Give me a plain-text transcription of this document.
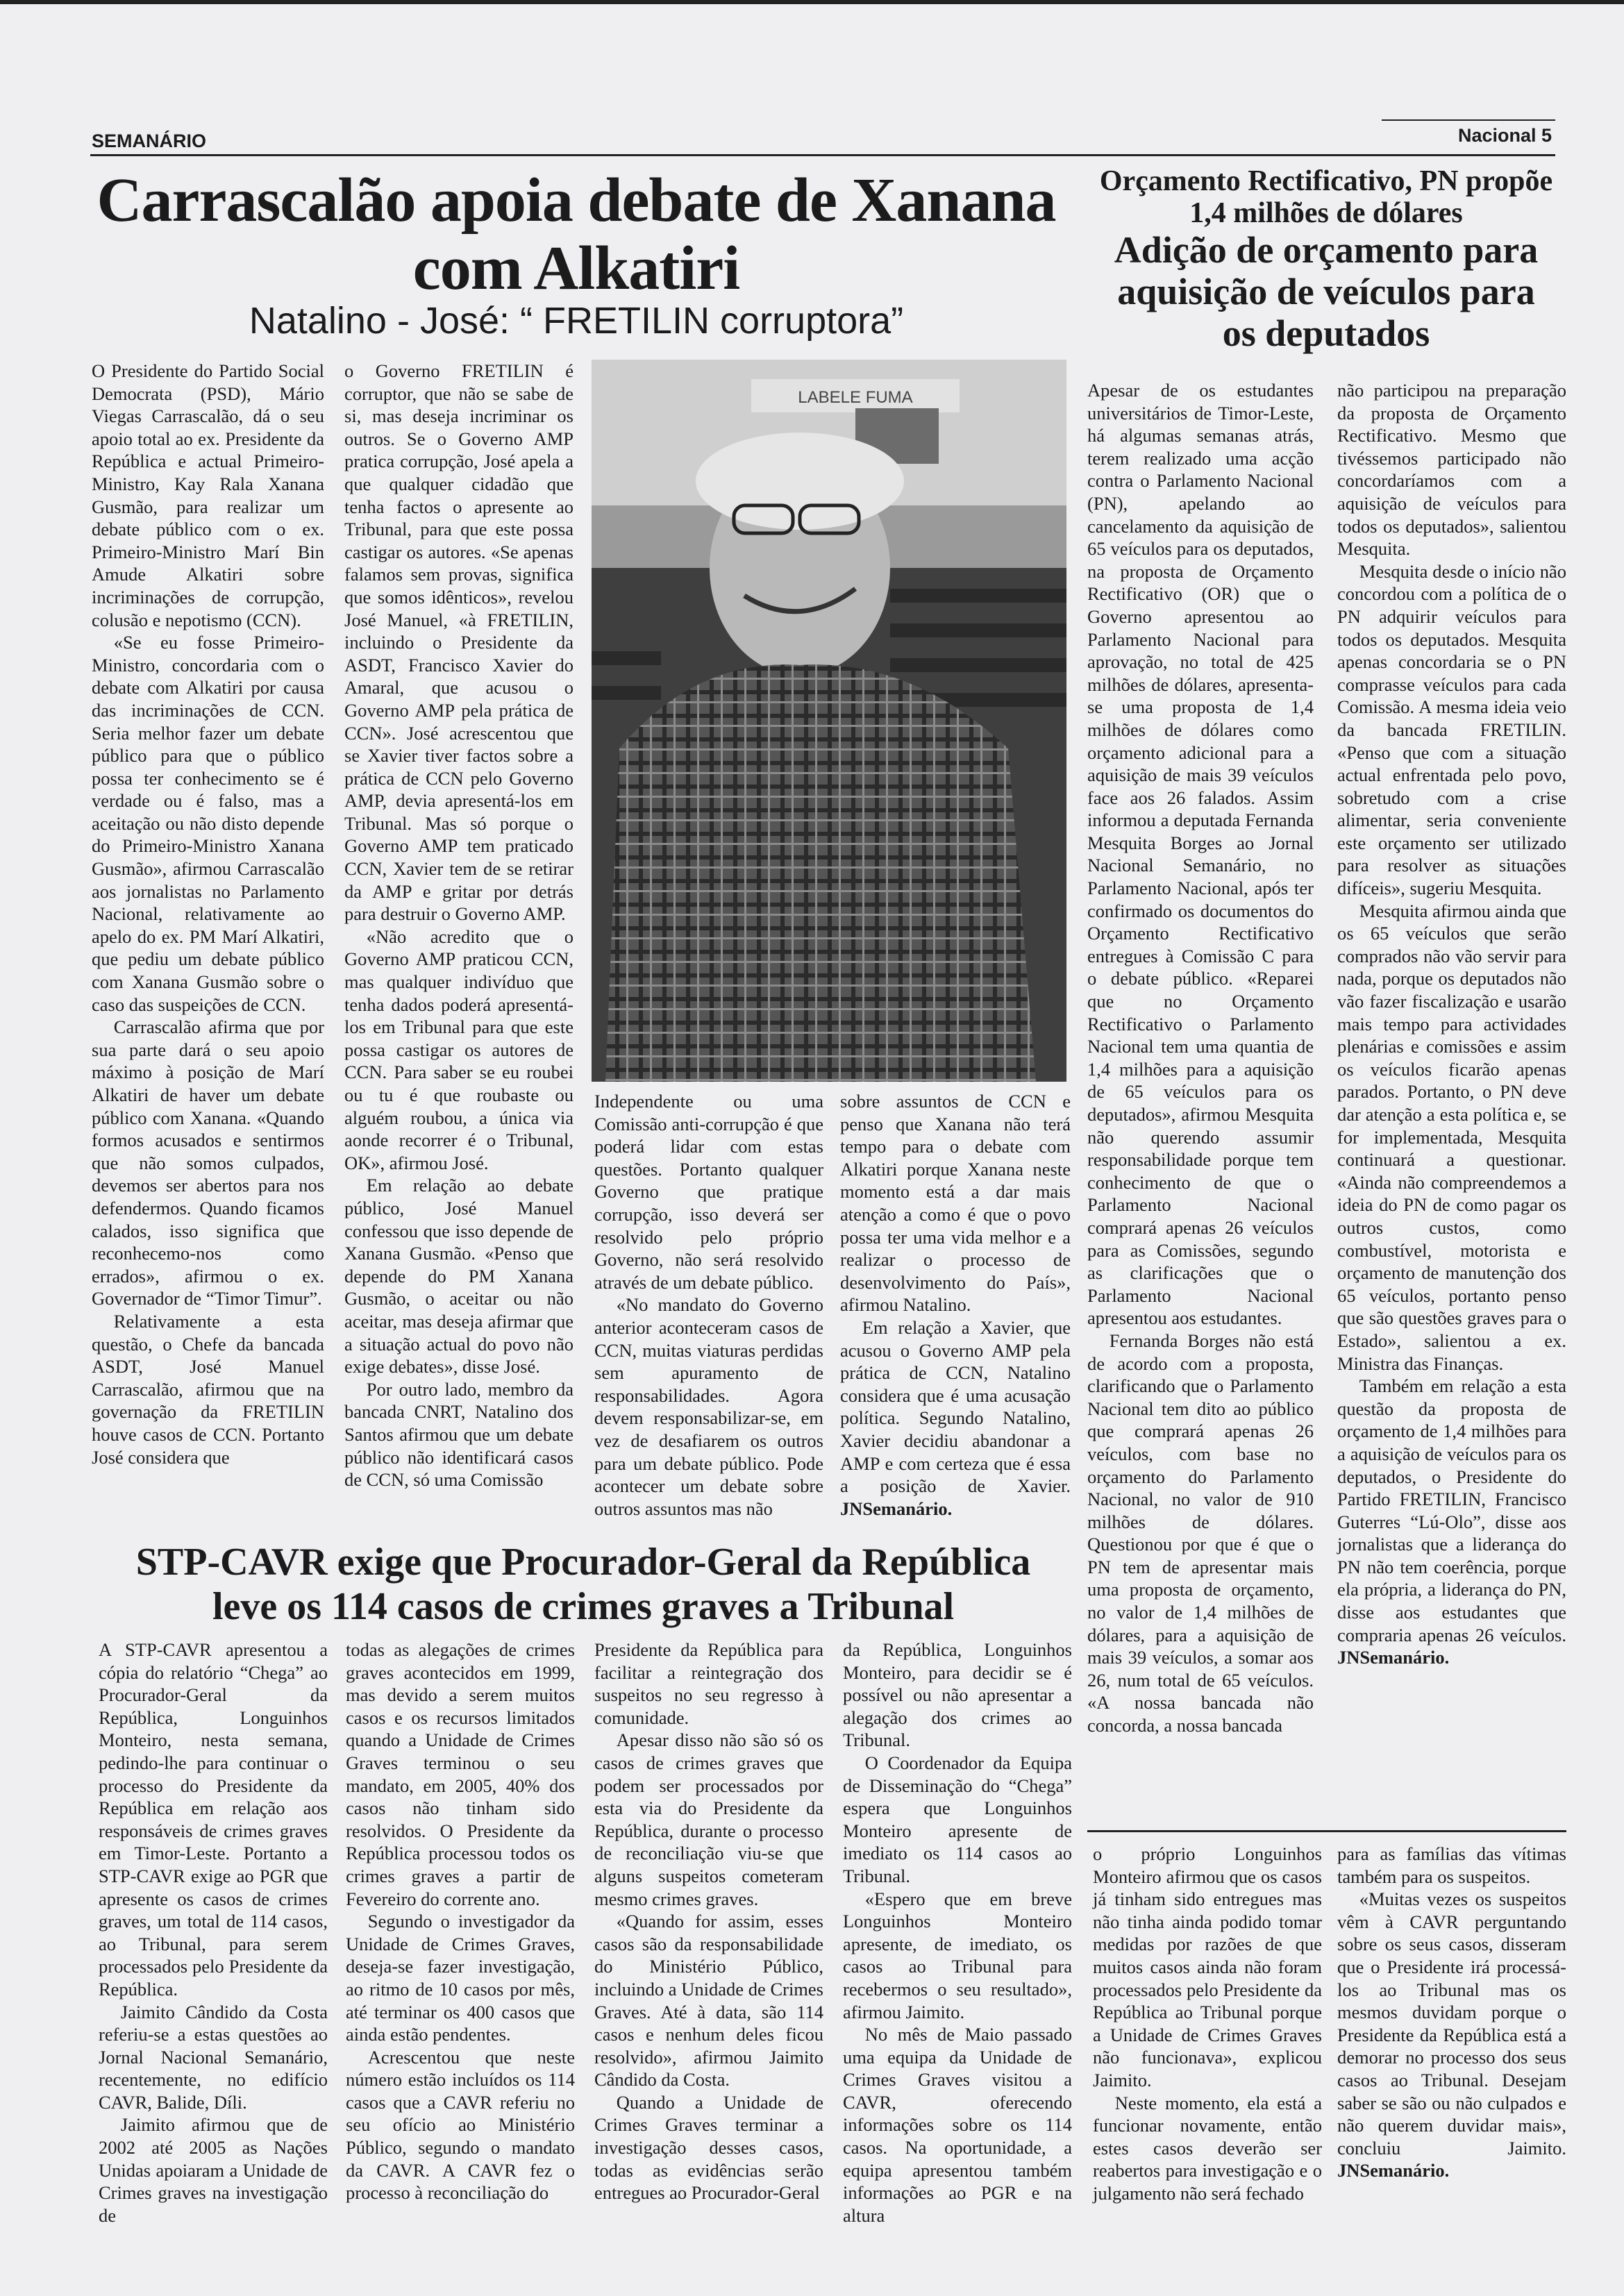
SEMANÁRIO	Nacional 5
Carrascalão apoia debate de Xanana com Alkatiri
Natalino - José: “ FRETILIN corruptora”

O Presidente do Partido Social Democrata (PSD), Mário Viegas Carrascalão, dá o seu apoio total ao ex. Presidente da República e actual Primeiro-Ministro, Kay Rala Xanana Gusmão, para realizar um debate público com o ex. Primeiro-Ministro Marí Bin Amude Alkatiri sobre incriminações de corrupção, colusão e nepotismo (CCN).

«Se eu fosse Primeiro-Ministro, concordaria com o debate com Alkatiri por causa das incriminações de CCN. Seria melhor fazer um debate público para que o público possa ter conhecimento se é verdade ou é falso, mas a aceitação ou não disto depende do Primeiro-Ministro Xanana Gusmão», afirmou Carrascalão aos jornalistas no Parlamento Nacional, relativamente ao apelo do ex. PM Marí Alkatiri, que pediu um debate público com Xanana Gusmão sobre o caso das suspeições de CCN.

Carrascalão afirma que por sua parte dará o seu apoio máximo à posição de Marí Alkatiri de haver um debate público com Xanana. «Quando formos acusados e sentirmos que não somos culpados, devemos ser abertos para nos defendermos. Quando ficamos calados, isso significa que reconhecemo-nos como errados», afirmou o ex. Governador de “Timor Timur”.

Relativamente a esta questão, o Chefe da bancada ASDT, José Manuel Carrascalão, afirmou que na governação da FRETILIN houve casos de CCN. Portanto José considera que

o Governo FRETILIN é corruptor, que não se sabe de si, mas deseja incriminar os outros. Se o Governo AMP pratica corrupção, José apela a que qualquer cidadão que tenha factos o apresente ao Tribunal, para que este possa castigar os autores. «Se apenas falamos sem provas, significa que somos idênticos», revelou José Manuel, «à FRETILIN, incluindo o Presidente da ASDT, Francisco Xavier do Amaral, que acusou o Governo AMP pela prática de CCN». José acrescentou que se Xavier tiver factos sobre a prática de CCN pelo Governo AMP, devia apresentá-los em Tribunal. Mas só porque o Governo AMP tem praticado CCN, Xavier tem de se retirar da AMP e gritar por detrás para destruir o Governo AMP.

«Não acredito que o Governo AMP praticou CCN, mas qualquer indivíduo que tenha dados poderá apresentá-los em Tribunal para que este possa castigar os autores de CCN. Para saber se eu roubei ou tu é que roubaste ou alguém roubou, a única via aonde recorrer é o Tribunal, OK», afirmou José.

Em relação ao debate público, José Manuel confessou que isso depende de Xanana Gusmão. «Penso que depende do PM Xanana Gusmão, o aceitar ou não aceitar, mas deseja afirmar que a situação actual do povo não exige debates», disse José.

Por outro lado, membro da bancada CNRT, Natalino dos Santos afirmou que um debate público não identificará casos de CCN, só uma Comissão

LABELE FUMA

Independente ou uma Comissão anti-corrupção é que poderá lidar com estas questões. Portanto qualquer Governo que pratique corrupção, isso deverá ser resolvido pelo próprio Governo, não será resolvido através de um debate público.

«No mandato do Governo anterior aconteceram casos de CCN, muitas viaturas perdidas sem apuramento de responsabilidades. Agora devem responsabilizar-se, em vez de desafiarem os outros para um debate público. Pode acontecer um debate sobre outros assuntos mas não

sobre assuntos de CCN e penso que Xanana não terá tempo para o debate com Alkatiri porque Xanana neste momento está a dar mais atenção a como é que o povo possa ter uma vida melhor e a realizar o processo de desenvolvimento do País», afirmou Natalino.

Em relação a Xavier, que acusou o Governo AMP pela prática de CCN, Natalino considera que é uma acusação política. Segundo Natalino, Xavier decidiu abandonar a AMP e com certeza que é essa a posição de Xavier. JNSemanário.

Orçamento Rectificativo, PN propõe 1,4 milhões de dólares
Adição de orçamento para aquisição de veículos para os deputados

Apesar de os estudantes universitários de Timor-Leste, há algumas semanas atrás, terem realizado uma acção contra o Parlamento Nacional (PN), apelando ao cancelamento da aquisição de 65 veículos para os deputados, na proposta de Orçamento Rectificativo (OR) que o Governo apresentou ao Parlamento Nacional para aprovação, no total de 425 milhões de dólares, apresenta-se uma proposta de 1,4 milhões de dólares como orçamento adicional para a aquisição de mais 39 veículos face aos 26 falados. Assim informou a deputada Fernanda Mesquita Borges ao Jornal Nacional Semanário, no Parlamento Nacional, após ter confirmado os documentos do Orçamento Rectificativo entregues à Comissão C para o debate público. «Reparei que no Orçamento Rectificativo o Parlamento Nacional tem uma quantia de 1,4 milhões para a aquisição de 65 veículos para os deputados», afirmou Mesquita não querendo assumir responsabilidade porque tem conhecimento de que o Parlamento Nacional comprará apenas 26 veículos para as Comissões, segundo as clarificações que o Parlamento Nacional apresentou aos estudantes.

Fernanda Borges não está de acordo com a proposta, clarificando que o Parlamento Nacional tem dito ao público que comprará apenas 26 veículos, com base no orçamento do Parlamento Nacional, no valor de 910 milhões de dólares. Questionou por que é que o PN tem de apresentar mais uma proposta de orçamento, no valor de 1,4 milhões de dólares, para a aquisição de mais 39 veículos, a somar aos 26, num total de 65 veículos. «A nossa bancada não concorda, a nossa bancada

não participou na preparação da proposta de Orçamento Rectificativo. Mesmo que tivéssemos participado não concordaríamos com a aquisição de veículos para todos os deputados», salientou Mesquita.

Mesquita desde o início não concordou com a política de o PN adquirir veículos para todos os deputados. Mesquita apenas concordaria se o PN comprasse veículos para cada Comissão. A mesma ideia veio da bancada FRETILIN. «Penso que com a situação actual enfrentada pelo povo, sobretudo com a crise alimentar, seria conveniente este orçamento ser utilizado para resolver as situações difíceis», sugeriu Mesquita.

Mesquita afirmou ainda que os 65 veículos que serão comprados não vão servir para nada, porque os deputados não vão fazer fiscalização e usarão mais tempo para actividades plenárias e comissões e assim os veículos ficarão apenas parados. Portanto, o PN deve dar atenção a esta política e, se for implementada, Mesquita continuará a questionar. «Ainda não compreendemos a ideia do PN de como pagar os outros custos, como combustível, motorista e orçamento de manutenção dos 65 veículos, portanto penso que são questões graves para o Estado», salientou a ex. Ministra das Finanças.

Também em relação a esta questão da proposta de orçamento de 1,4 milhões para a aquisição de veículos para os deputados, o Presidente do Partido FRETILIN, Francisco Guterres “Lú-Olo”, disse aos jornalistas que a liderança do PN não tem coerência, porque ela própria, a liderança do PN, disse aos estudantes que compraria apenas 26 veículos. JNSemanário.

STP-CAVR exige que Procurador-Geral da República leve os 114 casos de crimes graves a Tribunal

A STP-CAVR apresentou a cópia do relatório “Chega” ao Procurador-Geral da República, Longuinhos Monteiro, nesta semana, pedindo-lhe para continuar o processo do Presidente da República em relação aos responsáveis de crimes graves em Timor-Leste. Portanto a STP-CAVR exige ao PGR que apresente os casos de crimes graves, um total de 114 casos, ao Tribunal, para serem processados pelo Presidente da República.

Jaimito Cândido da Costa referiu-se a estas questões ao Jornal Nacional Semanário, recentemente, no edifício CAVR, Balide, Díli.

Jaimito afirmou que de 2002 até 2005 as Nações Unidas apoiaram a Unidade de Crimes graves na investigação de

todas as alegações de crimes graves acontecidos em 1999, mas devido a serem muitos casos e os recursos limitados quando a Unidade de Crimes Graves terminou o seu mandato, em 2005, 40% dos casos não tinham sido resolvidos. O Presidente da República processou todos os crimes graves a partir de Fevereiro do corrente ano.

Segundo o investigador da Unidade de Crimes Graves, deseja-se fazer investigação, ao ritmo de 10 casos por mês, até terminar os 400 casos que ainda estão pendentes.

Acrescentou que neste número estão incluídos os 114 casos que a CAVR referiu no seu ofício ao Ministério Público, segundo o mandato da CAVR. A CAVR fez o processo à reconciliação do

Presidente da República para facilitar a reintegração dos suspeitos no seu regresso à comunidade.

Apesar disso não são só os casos de crimes graves que podem ser processados por esta via do Presidente da República, durante o processo de reconciliação viu-se que alguns suspeitos cometeram mesmo crimes graves.

«Quando for assim, esses casos são da responsabilidade do Ministério Público, incluindo a Unidade de Crimes Graves. Até à data, são 114 casos e nenhum deles ficou resolvido», afirmou Jaimito Cândido da Costa.

Quando a Unidade de Crimes Graves terminar a investigação desses casos, todas as evidências serão entregues ao Procurador-Geral

da República, Longuinhos Monteiro, para decidir se é possível ou não apresentar a alegação dos crimes ao Tribunal.

O Coordenador da Equipa de Disseminação do “Chega” espera que Longuinhos Monteiro apresente de imediato os 114 casos ao Tribunal.

«Espero que em breve Longuinhos Monteiro apresente, de imediato, os casos ao Tribunal para recebermos o seu resultado», afirmou Jaimito.

No mês de Maio passado uma equipa da Unidade de Crimes Graves visitou a CAVR, oferecendo informações sobre os 114 casos. Na oportunidade, a equipa apresentou também informações ao PGR e na altura

o próprio Longuinhos Monteiro afirmou que os casos já tinham sido entregues mas não tinha ainda podido tomar medidas por razões de que muitos casos ainda não foram processados pelo Presidente da República ao Tribunal porque a Unidade de Crimes Graves não funcionava», explicou Jaimito.

Neste momento, ela está a funcionar novamente, então estes casos deverão ser reabertos para investigação e o julgamento não será fechado

para as famílias das vítimas também para os suspeitos.

«Muitas vezes os suspeitos vêm à CAVR perguntando sobre os seus casos, disseram que o Presidente irá processá-los ao Tribunal mas os mesmos duvidam porque o Presidente da República está a demorar no processo dos seus casos ao Tribunal. Desejam saber se são ou não culpados e não querem duvidar mais», concluiu Jaimito. JNSemanário.
